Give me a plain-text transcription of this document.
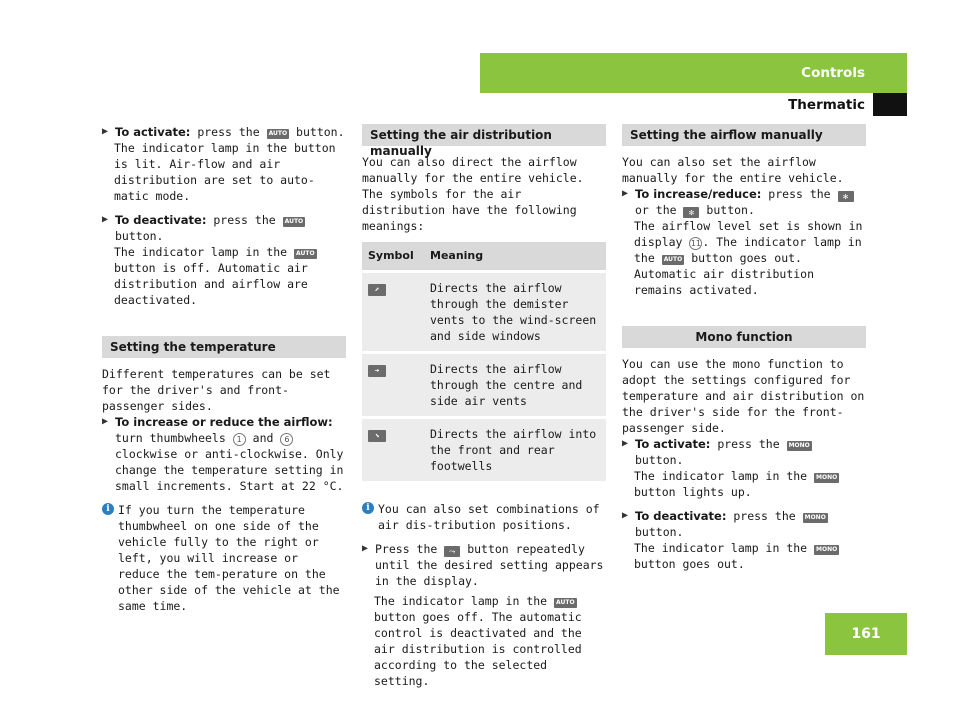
Controls
Thermatic
161
▶ To activate: press the AUTO button.

The indicator lamp in the button is lit. Air-flow and air distribution are set to auto-matic mode.

▶ To deactivate: press the AUTO button.

The indicator lamp in the AUTO button is off. Automatic air distribution and airflow are deactivated.

Setting the temperature

Different temperatures can be set for the driver's and front-passenger sides.

▶ To increase or reduce the airflow: turn thumbwheels 1 and 6 clockwise or anti-clockwise. Only change the temperature setting in small increments. Start at 22 °C.

i If you turn the temperature thumbwheel on one side of the vehicle fully to the right or left, you will increase or reduce the tem-perature on the other side of the vehicle at the same time.

Setting the air distribution manually

You can also direct the airflow manually for the entire vehicle.

The symbols for the air distribution have the following meanings:

Symbol	Meaning
⬈	Directs the airflow through the demister vents to the wind-screen and side windows
➔	Directs the airflow through the centre and side air vents
⬊	Directs the airflow into the front and rear footwells
i You can also set combinations of air dis-tribution positions.

▶ Press the ⤳ button repeatedly until the desired setting appears in the display.

The indicator lamp in the AUTO button goes off. The automatic control is deactivated and the air distribution is controlled according to the selected setting.

Setting the airflow manually

You can also set the airflow manually for the entire vehicle.

▶ To increase/reduce: press the ✻ or the ✼ button.

The airflow level set is shown in display 11. The indicator lamp in the AUTO button goes out. Automatic air distribution remains activated.

Mono function

You can use the mono function to adopt the settings configured for temperature and air distribution on the driver's side for the front-passenger side.

▶ To activate: press the MONO button.

The indicator lamp in the MONO button lights up.

▶ To deactivate: press the MONO button.

The indicator lamp in the MONO button goes out.
